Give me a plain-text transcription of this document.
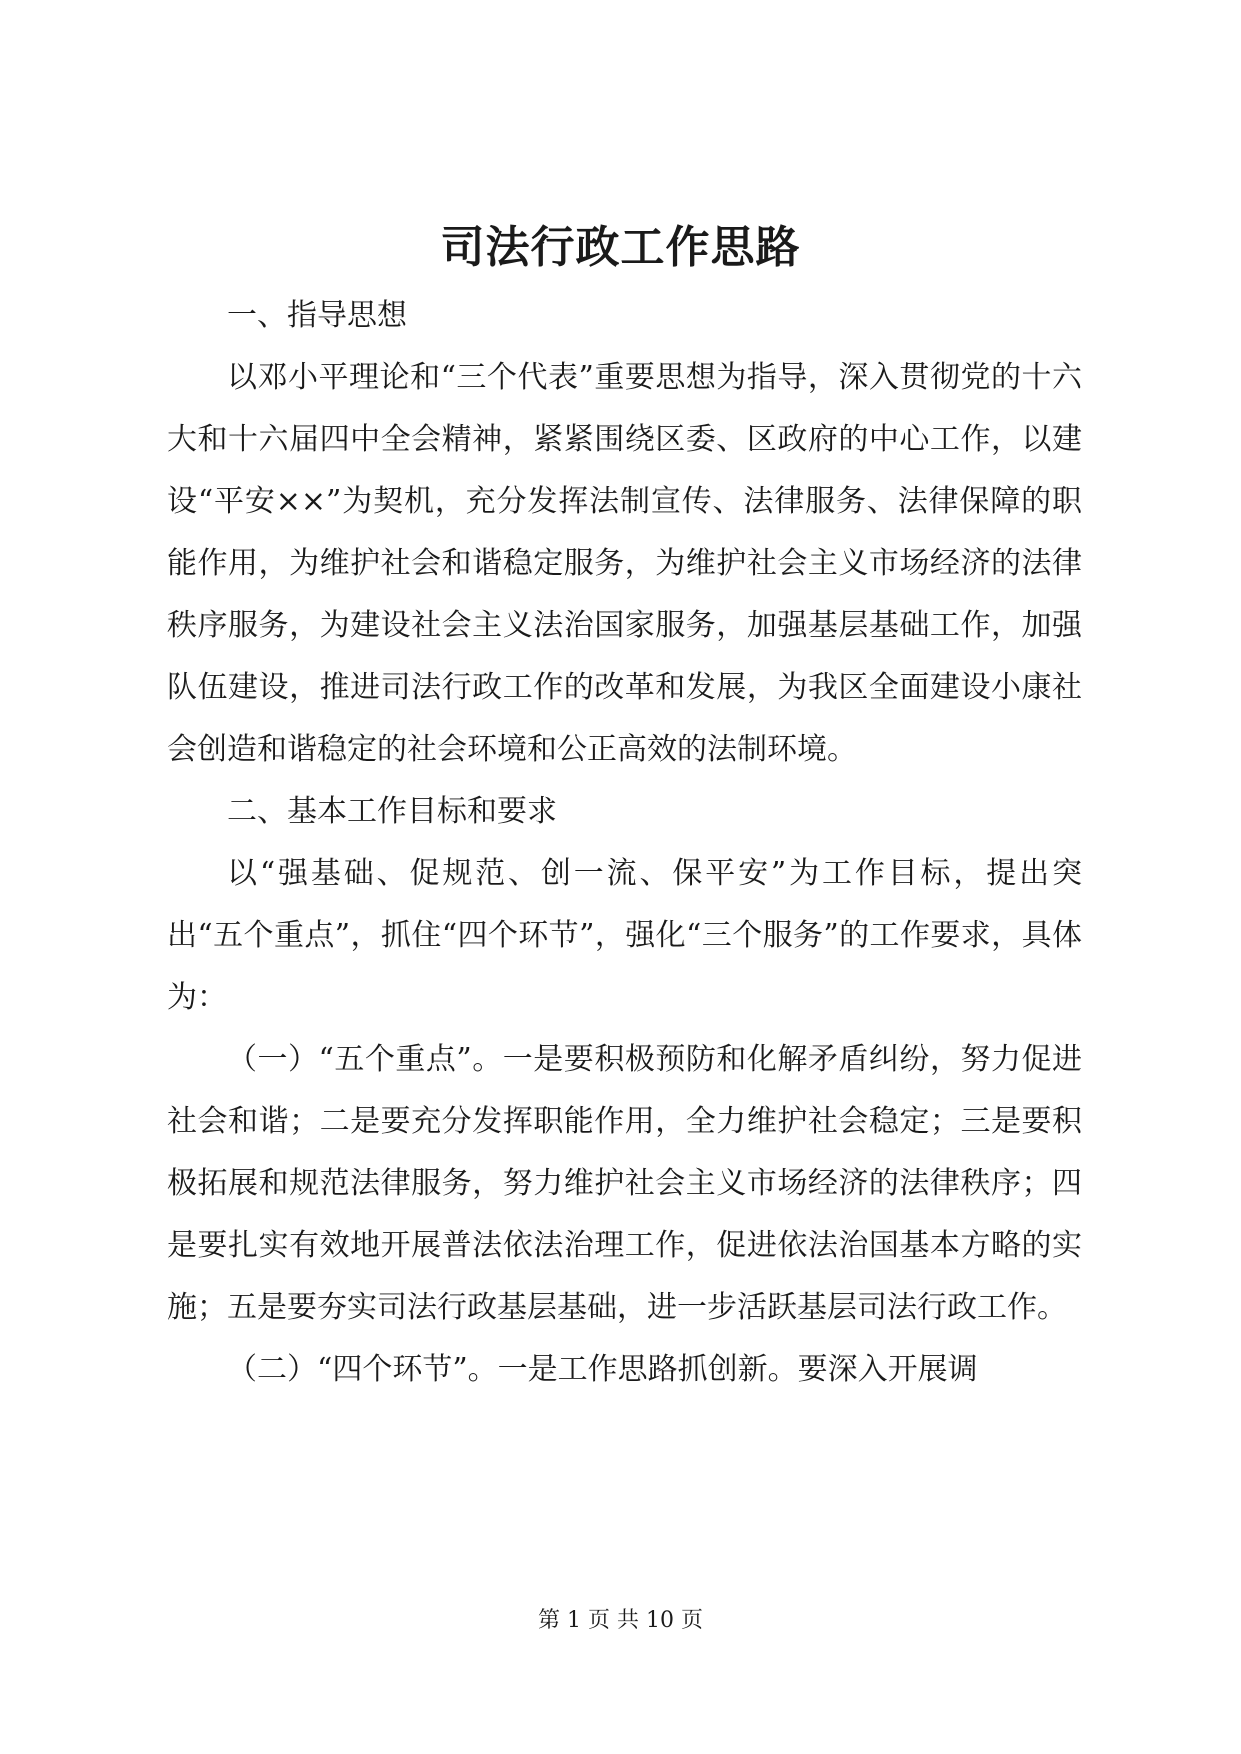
司法行政工作思路

一、指导思想

以邓小平理论和“三个代表”重要思想为指导，深入贯彻党的十六大和十六届四中全会精神，紧紧围绕区委、区政府的中心工作，以建设“平安××”为契机，充分发挥法制宣传、法律服务、法律保障的职能作用，为维护社会和谐稳定服务，为维护社会主义市场经济的法律秩序服务，为建设社会主义法治国家服务，加强基层基础工作，加强队伍建设，推进司法行政工作的改革和发展，为我区全面建设小康社会创造和谐稳定的社会环境和公正高效的法制环境。

二、基本工作目标和要求

以“强基础、促规范、创一流、保平安”为工作目标，提出突出“五个重点”，抓住“四个环节”，强化“三个服务”的工作要求，具体为：

（一）“五个重点”。一是要积极预防和化解矛盾纠纷，努力促进社会和谐；二是要充分发挥职能作用，全力维护社会稳定；三是要积极拓展和规范法律服务，努力维护社会主义市场经济的法律秩序；四是要扎实有效地开展普法依法治理工作，促进依法治国基本方略的实施；五是要夯实司法行政基层基础，进一步活跃基层司法行政工作。

（二）“四个环节”。一是工作思路抓创新。要深入开展调

第 1 页 共 10 页
